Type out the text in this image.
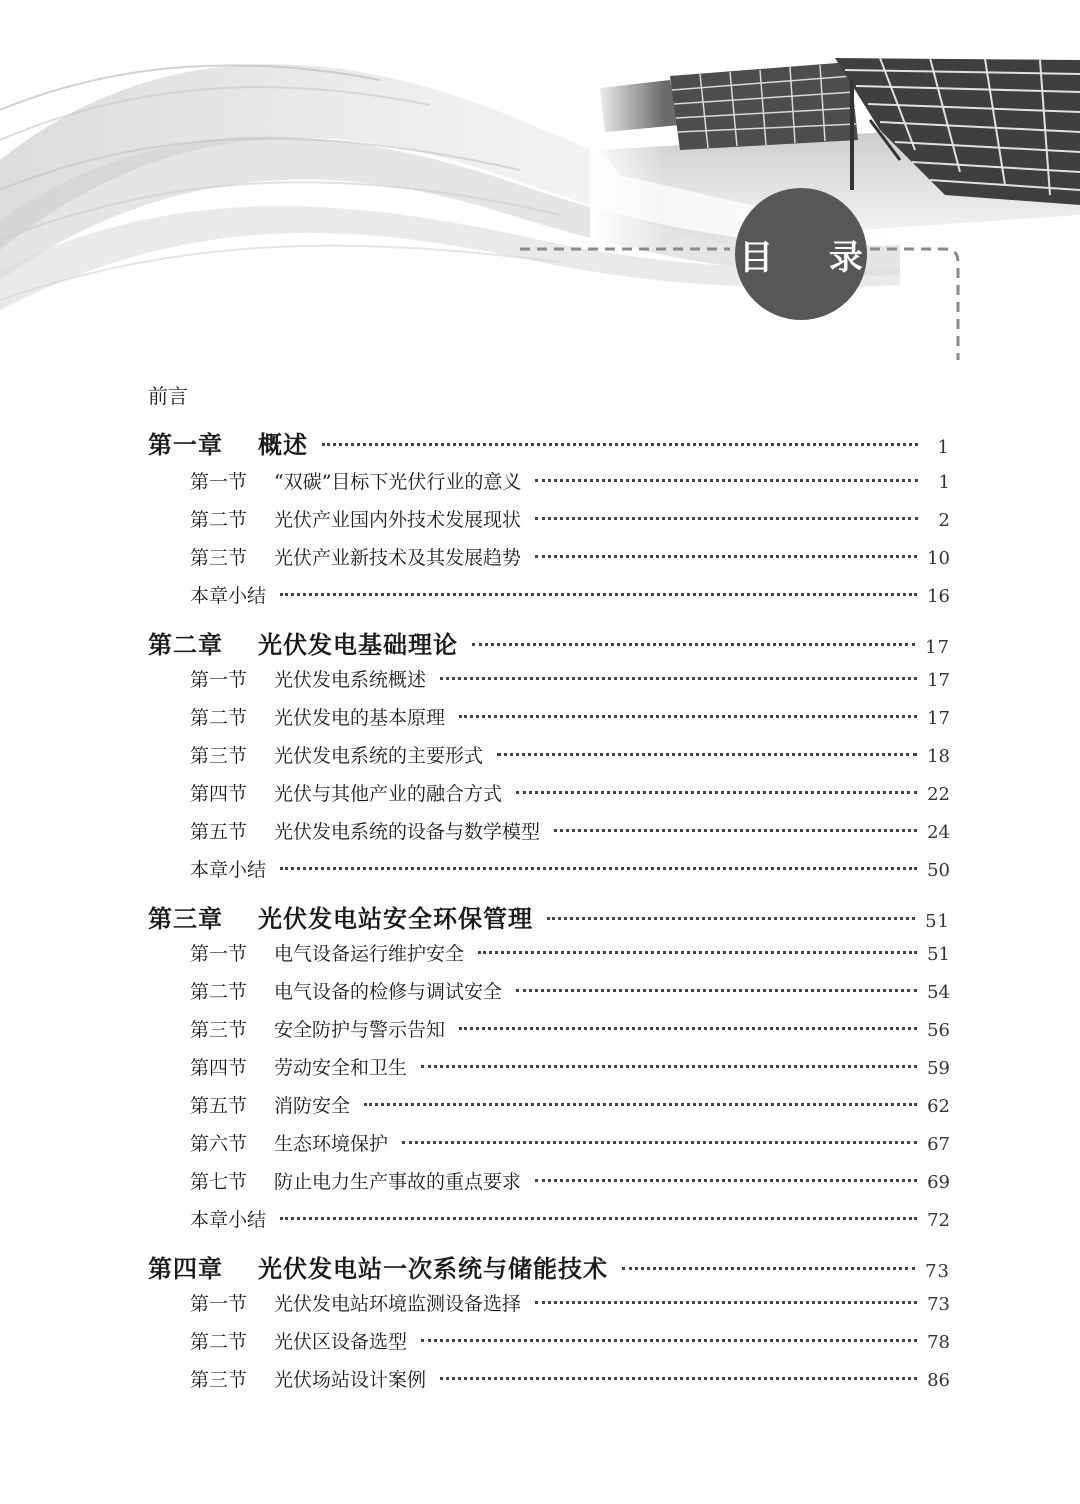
目 录
前言
第一章	概述	1
第一节	“双碳”目标下光伏行业的意义	1
第二节	光伏产业国内外技术发展现状	2
第三节	光伏产业新技术及其发展趋势	10
本章小结	16
第二章	光伏发电基础理论	17
第一节	光伏发电系统概述	17
第二节	光伏发电的基本原理	17
第三节	光伏发电系统的主要形式	18
第四节	光伏与其他产业的融合方式	22
第五节	光伏发电系统的设备与数学模型	24
本章小结	50
第三章	光伏发电站安全环保管理	51
第一节	电气设备运行维护安全	51
第二节	电气设备的检修与调试安全	54
第三节	安全防护与警示告知	56
第四节	劳动安全和卫生	59
第五节	消防安全	62
第六节	生态环境保护	67
第七节	防止电力生产事故的重点要求	69
本章小结	72
第四章	光伏发电站一次系统与储能技术	73
第一节	光伏发电站环境监测设备选择	73
第二节	光伏区设备选型	78
第三节	光伏场站设计案例	86
